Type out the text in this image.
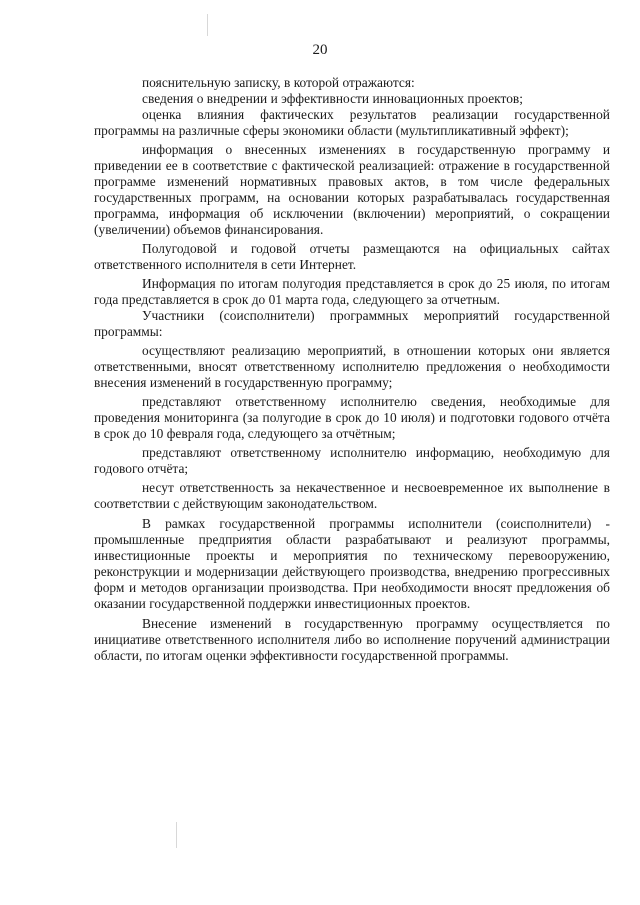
20

пояснительную записку, в которой отражаются:

сведения о внедрении и эффективности инновационных проектов;

оценка влияния фактических результатов реализации государственной программы на различные сферы экономики области (мультипликативный эффект);

информация о внесенных изменениях в государственную программу и приведении ее в соответствие с фактической реализацией: отражение в государственной программе изменений нормативных правовых актов, в том числе федеральных государственных программ, на основании которых разрабатывалась государственная программа, информация об исключении (включении) мероприятий, о сокращении (увеличении) объемов финансирования.

Полугодовой и годовой отчеты размещаются на официальных сайтах ответственного исполнителя в сети Интернет.

Информация по итогам полугодия представляется в срок до 25 июля, по итогам года представляется в срок до 01 марта года, следующего за отчетным.

Участники (соисполнители) программных мероприятий государственной программы:

осуществляют реализацию мероприятий, в отношении которых они является ответственными, вносят ответственному исполнителю предложения о необходимости внесения изменений в государственную программу;

представляют ответственному исполнителю сведения, необходимые для проведения мониторинга (за полугодие в срок до 10 июля) и подготовки годового отчёта в срок до 10 февраля года, следующего за отчётным;

представляют ответственному исполнителю информацию, необходимую для годового отчёта;

несут ответственность за некачественное и несвоевременное их выполнение в соответствии с действующим законодательством.

В рамках государственной программы исполнители (соисполнители) - промышленные предприятия области разрабатывают и реализуют программы, инвестиционные проекты и мероприятия по техническому перевооружению, реконструкции и модернизации действующего производства, внедрению прогрессивных форм и методов организации производства. При необходимости вносят предложения об оказании государственной поддержки инвестиционных проектов.

Внесение изменений в государственную программу осуществляется по инициативе ответственного исполнителя либо во исполнение поручений администрации области, по итогам оценки эффективности государственной программы.
